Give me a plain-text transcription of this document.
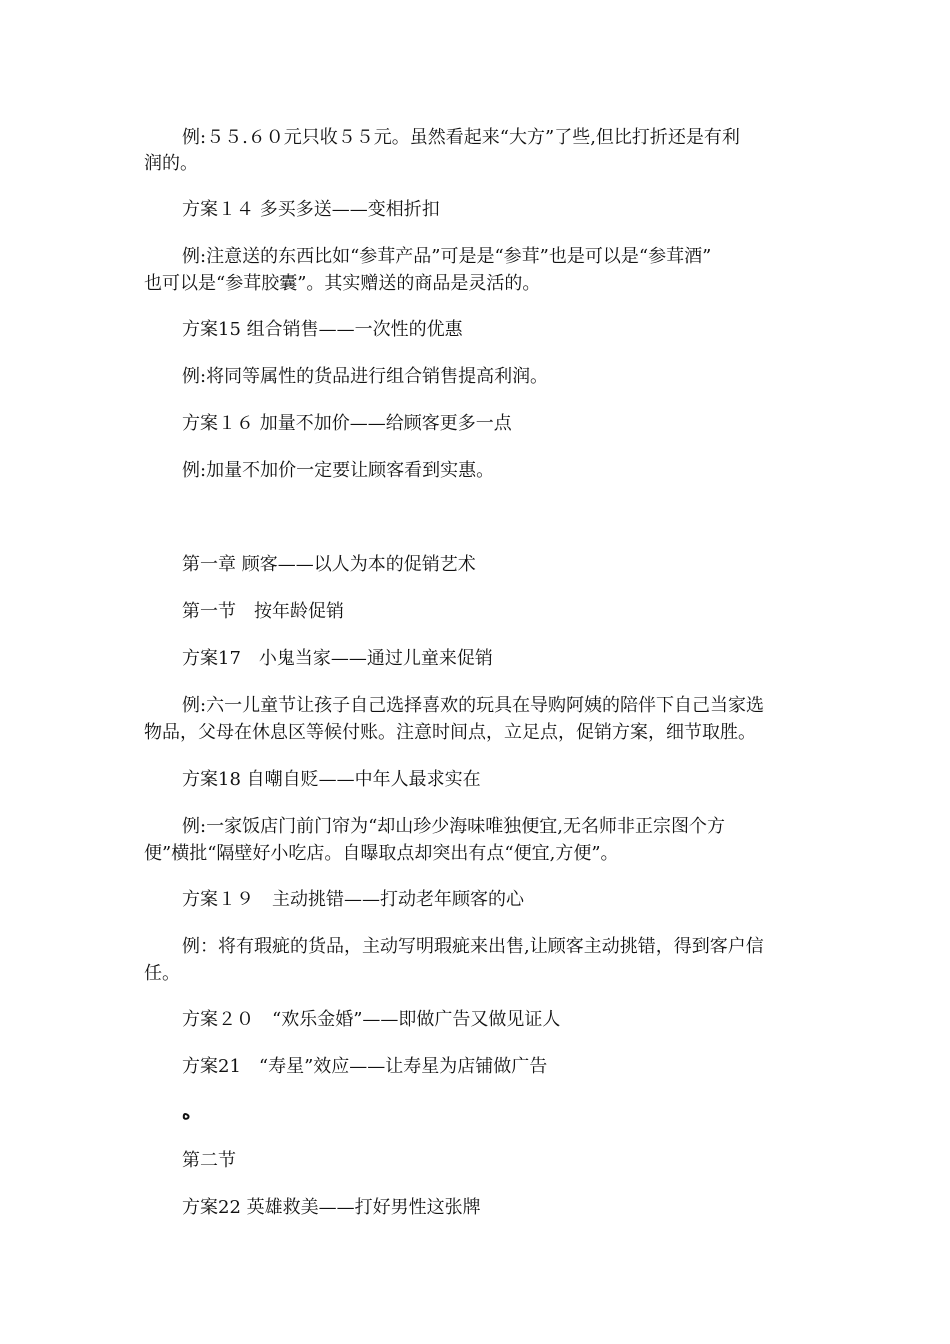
例:５５.６０元只收５５元。虽然看起来“大方”了些,但比打折还是有利
润的。
方案１４ 多买多送——变相折扣
例:注意送的东西比如“参茸产品”可是是“参茸”也是可以是“参茸酒”
也可以是“参茸胶囊”。其实赠送的商品是灵活的。
方案15 组合销售——一次性的优惠
例:将同等属性的货品进行组合销售提高利润。
方案１６ 加量不加价——给顾客更多一点
例:加量不加价一定要让顾客看到实惠。
第一章 顾客——以人为本的促销艺术
第一节　按年龄促销
方案17　小鬼当家——通过儿童来促销
例:六一儿童节让孩子自己选择喜欢的玩具在导购阿姨的陪伴下自己当家选
物品，父母在休息区等候付账。注意时间点，立足点，促销方案，细节取胜。
方案18 自嘲自贬——中年人最求实在
例:一家饭店门前门帘为“却山珍少海味唯独便宜,无名师非正宗图个方
便”横批“隔壁好小吃店。自曝取点却突出有点“便宜,方便”。
方案１９　主动挑错——打动老年顾客的心
例：将有瑕疵的货品，主动写明瑕疵来出售,让顾客主动挑错，得到客户信
任。
方案２０　“欢乐金婚”——即做广告又做见证人
方案21　“寿星”效应——让寿星为店铺做广告
ه
第二节
方案22 英雄救美——打好男性这张牌
